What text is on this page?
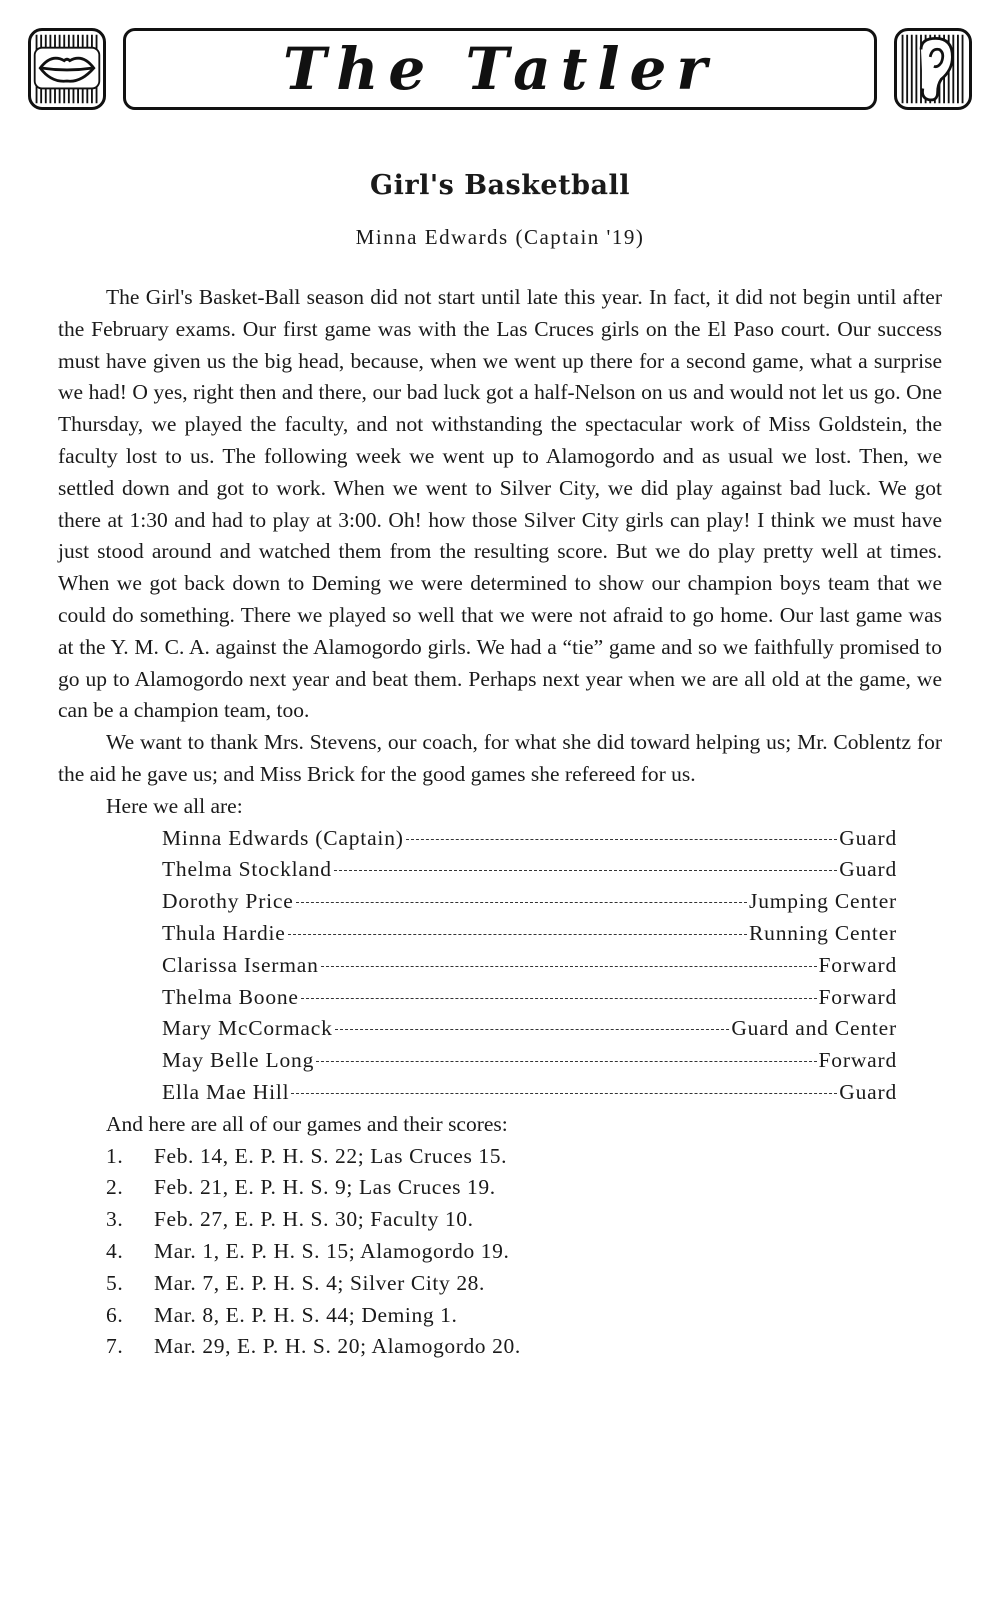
The Tatler
Girl's Basketball

Minna Edwards (Captain '19)

The Girl's Basket-Ball season did not start until late this year. In fact, it did not begin until after the February exams. Our first game was with the Las Cruces girls on the El Paso court. Our success must have given us the big head, because, when we went up there for a second game, what a surprise we had! O yes, right then and there, our bad luck got a half-Nelson on us and would not let us go. One Thursday, we played the faculty, and not withstanding the spectacular work of Miss Goldstein, the faculty lost to us. The following week we went up to Alamogordo and as usual we lost. Then, we settled down and got to work. When we went to Silver City, we did play against bad luck. We got there at 1:30 and had to play at 3:00. Oh! how those Silver City girls can play! I think we must have just stood around and watched them from the resulting score. But we do play pretty well at times. When we got back down to Deming we were determined to show our champion boys team that we could do something. There we played so well that we were not afraid to go home. Our last game was at the Y. M. C. A. against the Alamogordo girls. We had a “tie” game and so we faithfully promised to go up to Alamogordo next year and beat them. Perhaps next year when we are all old at the game, we can be a champion team, too.

We want to thank Mrs. Stevens, our coach, for what she did toward helping us; Mr. Coblentz for the aid he gave us; and Miss Brick for the good games she refereed for us.

Here we all are:

Minna Edwards (Captain)	Guard
Thelma Stockland	Guard
Dorothy Price	Jumping Center
Thula Hardie	Running Center
Clarissa Iserman	Forward
Thelma Boone	Forward
Mary McCormack	Guard and Center
May Belle Long	Forward
Ella Mae Hill	Guard

And here are all of our games and their scores:

1.	Feb. 14, E. P. H. S. 22; Las Cruces 15.
2.	Feb. 21, E. P. H. S. 9; Las Cruces 19.
3.	Feb. 27, E. P. H. S. 30; Faculty 10.
4.	Mar. 1, E. P. H. S. 15; Alamogordo 19.
5.	Mar. 7, E. P. H. S. 4; Silver City 28.
6.	Mar. 8, E. P. H. S. 44; Deming 1.
7.	Mar. 29, E. P. H. S. 20; Alamogordo 20.
